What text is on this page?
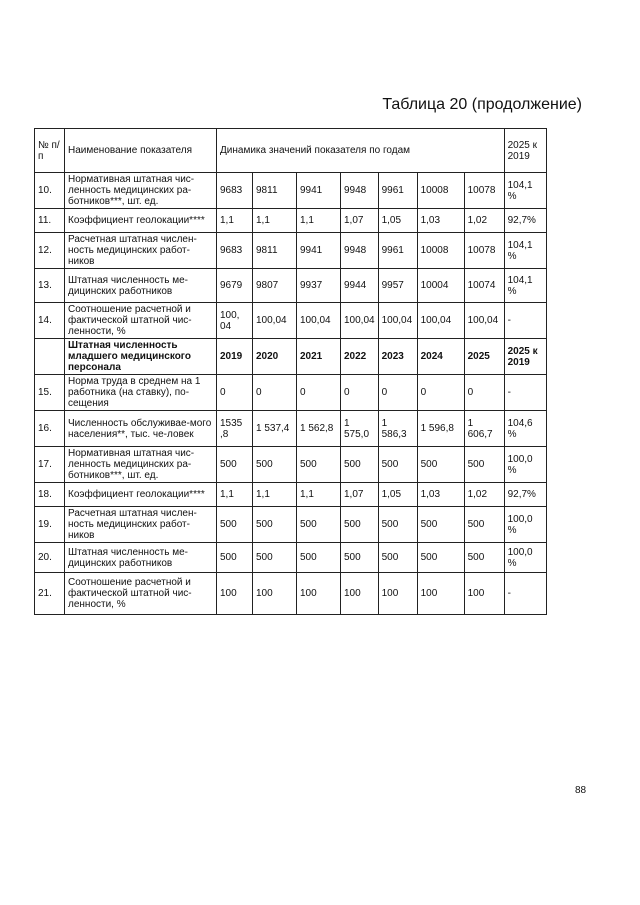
Таблица 20 (продолжение)
№ п/п	Наименование показателя	Динамика значений показателя по годам							2025 к 2019
10.	Нормативная штатная чис-ленность медицинских ра-ботников***, шт. ед.	9683	9811	9941	9948	9961	10008	10078	104,1 %
11.	Коэффициент геолокации****	1,1	1,1	1,1	1,07	1,05	1,03	1,02	92,7%
12.	Расчетная штатная числен-ность медицинских работ-ников	9683	9811	9941	9948	9961	10008	10078	104,1 %
13.	Штатная численность ме-дицинских работников	9679	9807	9937	9944	9957	10004	10074	104,1 %
14.	Соотношение расчетной и фактической штатной чис-ленности, %	100, 04	100,04	100,04	100,04	100,04	100,04	100,04	-
	Штатная численность младшего медицинского персонала	2019	2020	2021	2022	2023	2024	2025	2025 к 2019
15.	Норма труда в среднем на 1 работника (на ставку), по-сещения	0	0	0	0	0	0	0	-
16.	Численность обслуживае-мого населения**, тыс. че-ловек	1535 ,8	1 537,4	1 562,8	1 575,0	1 586,3	1 596,8	1 606,7	104,6 %
17.	Нормативная штатная чис-ленность медицинских ра-ботников***, шт. ед.	500	500	500	500	500	500	500	100,0 %
18.	Коэффициент геолокации****	1,1	1,1	1,1	1,07	1,05	1,03	1,02	92,7%
19.	Расчетная штатная числен-ность медицинских работ-ников	500	500	500	500	500	500	500	100,0 %
20.	Штатная численность ме-дицинских работников	500	500	500	500	500	500	500	100,0 %
21.	Соотношение расчетной и фактической штатной чис-ленности, %	100	100	100	100	100	100	100	-
88
